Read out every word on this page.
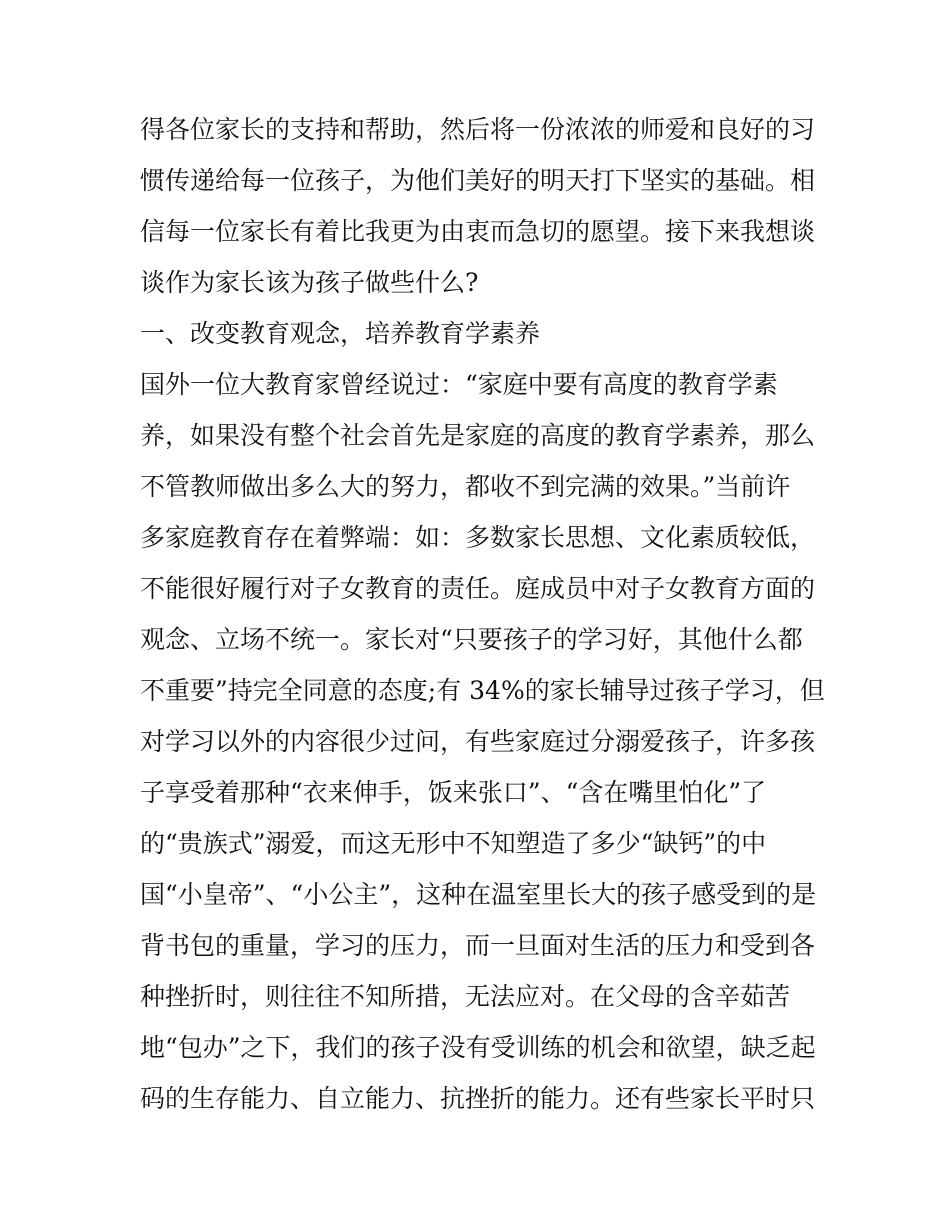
得各位家长的支持和帮助，然后将一份浓浓的师爱和良好的习
惯传递给每一位孩子，为他们美好的明天打下坚实的基础。相
信每一位家长有着比我更为由衷而急切的愿望。接下来我想谈
谈作为家长该为孩子做些什么?
一、改变教育观念，培养教育学素养
国外一位大教育家曾经说过：“家庭中要有高度的教育学素
养，如果没有整个社会首先是家庭的高度的教育学素养，那么
不管教师做出多么大的努力，都收不到完满的效果。”当前许
多家庭教育存在着弊端：如：多数家长思想、文化素质较低，
不能很好履行对子女教育的责任。庭成员中对子女教育方面的
观念、立场不统一。家长对“只要孩子的学习好，其他什么都
不重要”持完全同意的态度;有 34%的家长辅导过孩子学习，但
对学习以外的内容很少过问，有些家庭过分溺爱孩子，许多孩
子享受着那种“衣来伸手，饭来张口”、“含在嘴里怕化”了
的“贵族式”溺爱，而这无形中不知塑造了多少“缺钙”的中
国“小皇帝”、“小公主”，这种在温室里长大的孩子感受到的是
背书包的重量，学习的压力，而一旦面对生活的压力和受到各
种挫折时，则往往不知所措，无法应对。在父母的含辛茹苦
地“包办”之下，我们的孩子没有受训练的机会和欲望，缺乏起
码的生存能力、自立能力、抗挫折的能力。还有些家长平时只
